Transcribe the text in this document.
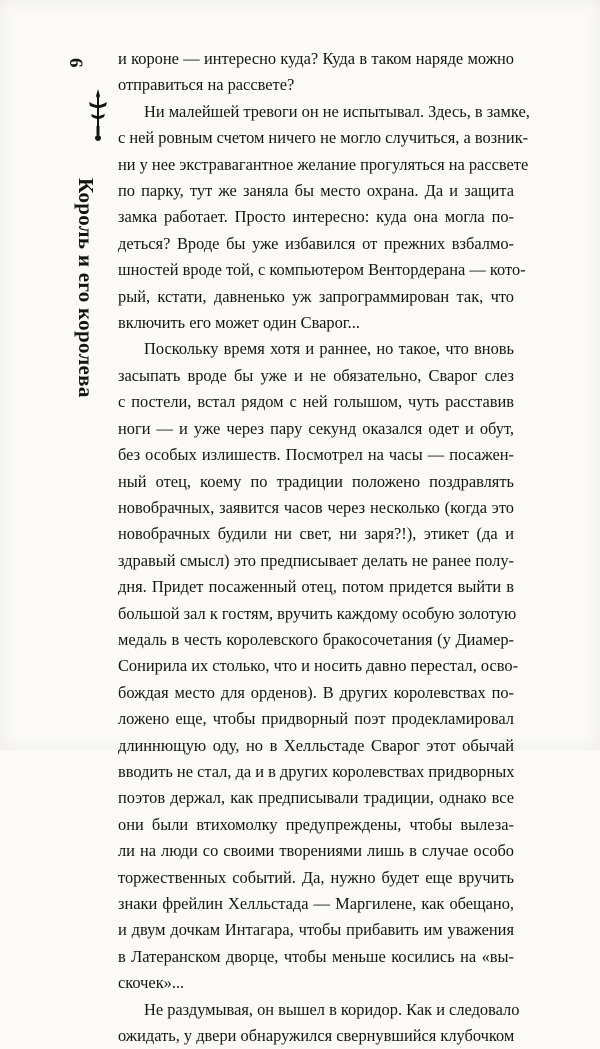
6
Король и его королева
и короне — интересно куда? Куда в таком наряде можно
отправиться на рассвете?
Ни малейшей тревоги он не испытывал. Здесь, в замке,
с ней ровным счетом ничего не могло случиться, а возник-
ни у нее экстравагантное желание прогуляться на рассвете
по парку, тут же заняла бы место охрана. Да и защита
замка работает. Просто интересно: куда она могла по-
деться? Вроде бы уже избавился от прежних взбалмо-
шностей вроде той, с компьютером Вентордерана — кото-
рый, кстати, давненько уж запрограммирован так, что
включить его может один Сварог...
Поскольку время хотя и раннее, но такое, что вновь
засыпать вроде бы уже и не обязательно, Сварог слез
с постели, встал рядом с ней голышом, чуть расставив
ноги — и уже через пару секунд оказался одет и обут,
без особых излишеств. Посмотрел на часы — посажен-
ный отец, коему по традиции положено поздравлять
новобрачных, заявится часов через несколько (когда это
новобрачных будили ни свет, ни заря?!), этикет (да и
здравый смысл) это предписывает делать не ранее полу-
дня. Придет посаженный отец, потом придется выйти в
большой зал к гостям, вручить каждому особую золотую
медаль в честь королевского бракосочетания (у Диамер-
Сонирила их столько, что и носить давно перестал, осво-
бождая место для орденов). В других королевствах по-
ложено еще, чтобы придворный поэт продекламировал
длиннющую оду, но в Хелльстаде Сварог этот обычай
вводить не стал, да и в других королевствах придворных
поэтов держал, как предписывали традиции, однако все
они были втихомолку предупреждены, чтобы вылеза-
ли на люди со своими творениями лишь в случае особо
торжественных событий. Да, нужно будет еще вручить
знаки фрейлин Хелльстада — Маргилене, как обещано,
и двум дочкам Интагара, чтобы прибавить им уважения
в Латеранском дворце, чтобы меньше косились на «вы-
скочек»...
Не раздумывая, он вышел в коридор. Как и следовало
ожидать, у двери обнаружился свернувшийся клубочком
